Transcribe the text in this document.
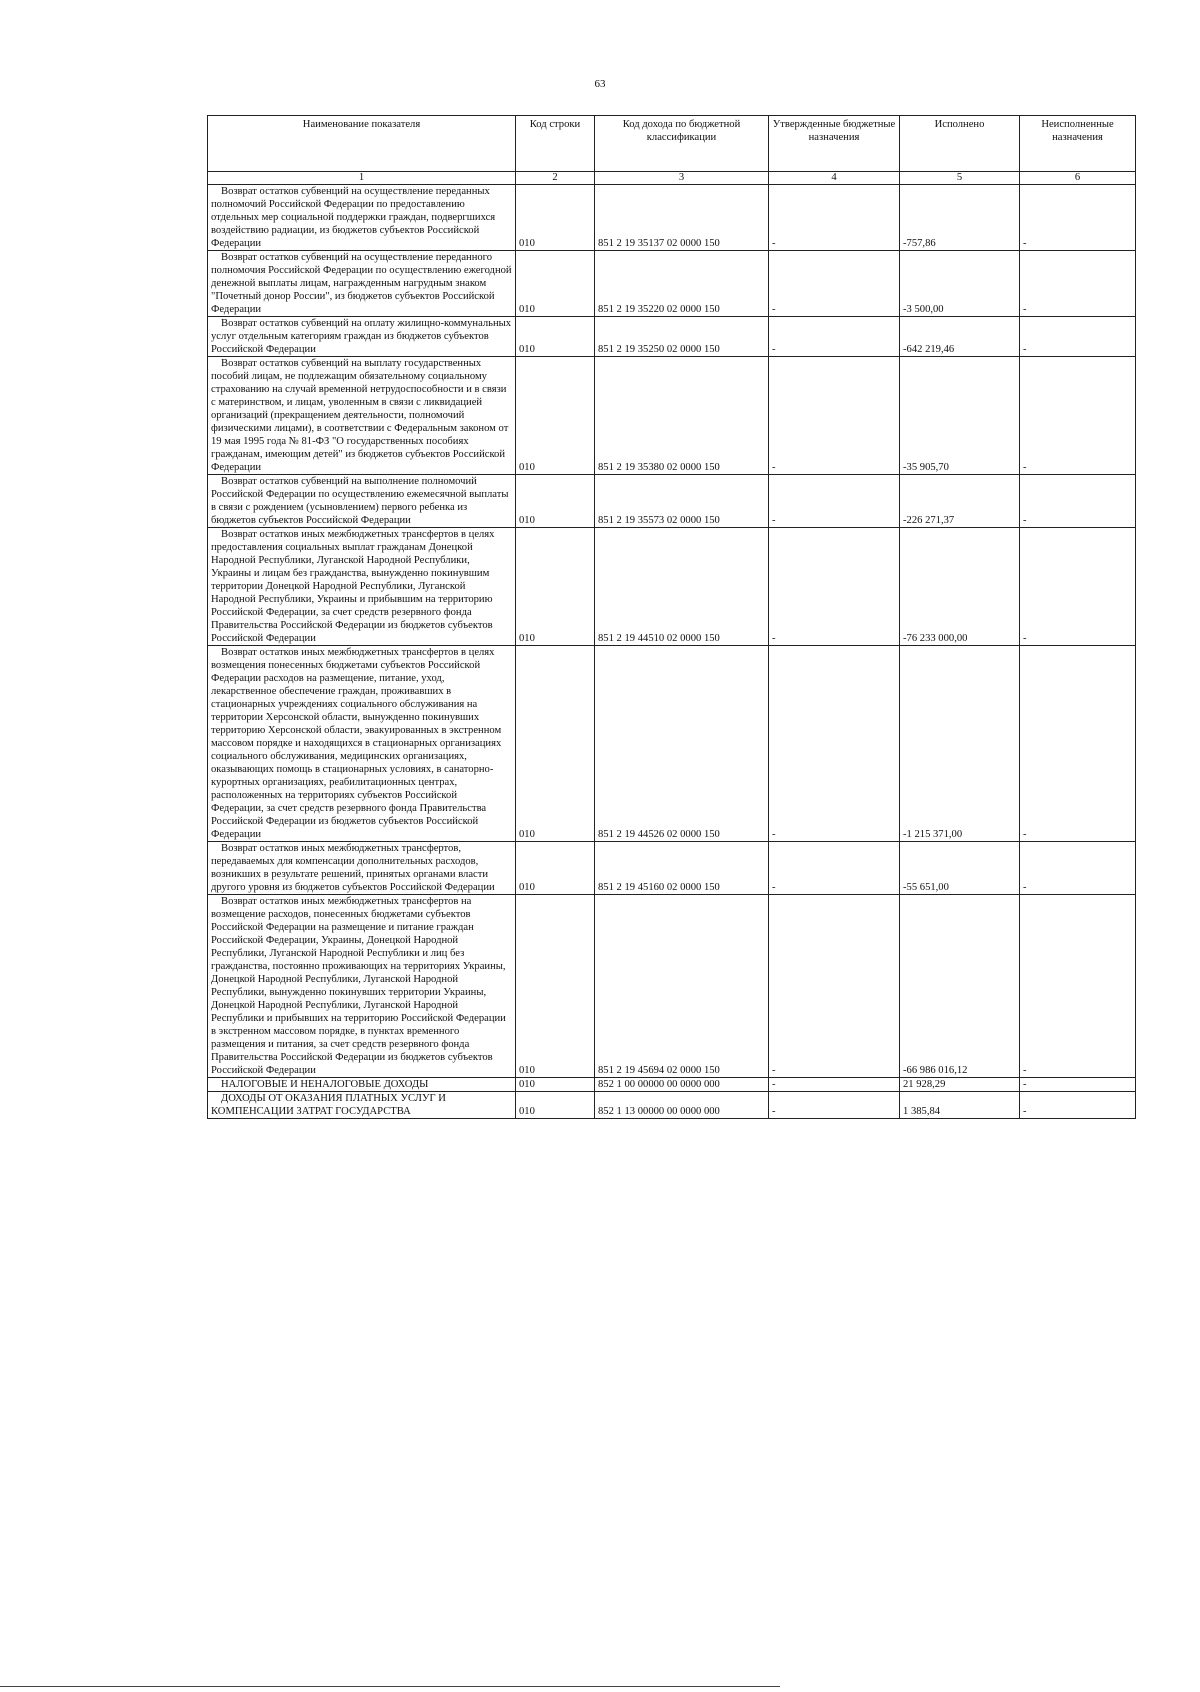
63
Наименование показателя	Код строки	Код дохода по бюджетной классификации	Утвержденные бюджетные назначения	Исполнено	Неисполненные назначения
1	2	3	4	5	6
Возврат остатков субвенций на осуществление переданных полномочий Российской Федерации по предоставлению отдельных мер социальной поддержки граждан, подвергшихся воздействию радиации, из бюджетов субъектов Российской Федерации	010	851 2 19 35137 02 0000 150	-	-757,86	-
Возврат остатков субвенций на осуществление переданного полномочия Российской Федерации по осуществлению ежегодной денежной выплаты лицам, награжденным нагрудным знаком "Почетный донор России", из бюджетов субъектов Российской Федерации	010	851 2 19 35220 02 0000 150	-	-3 500,00	-
Возврат остатков субвенций на оплату жилищно-коммунальных услуг отдельным категориям граждан из бюджетов субъектов Российской Федерации	010	851 2 19 35250 02 0000 150	-	-642 219,46	-
Возврат остатков субвенций на выплату государственных пособий лицам, не подлежащим обязательному социальному страхованию на случай временной нетрудоспособности и в связи с материнством, и лицам, уволенным в связи с ликвидацией организаций (прекращением деятельности, полномочий физическими лицами), в соответствии с Федеральным законом от 19 мая 1995 года № 81-ФЗ "О государственных пособиях гражданам, имеющим детей" из бюджетов субъектов Российской Федерации	010	851 2 19 35380 02 0000 150	-	-35 905,70	-
Возврат остатков субвенций на выполнение полномочий Российской Федерации по осуществлению ежемесячной выплаты в связи с рождением (усыновлением) первого ребенка из бюджетов субъектов Российской Федерации	010	851 2 19 35573 02 0000 150	-	-226 271,37	-
Возврат остатков иных межбюджетных трансфертов в целях предоставления социальных выплат гражданам Донецкой Народной Республики, Луганской Народной Республики, Украины и лицам без гражданства, вынужденно покинувшим территории Донецкой Народной Республики, Луганской Народной Республики, Украины и прибывшим на территорию Российской Федерации, за счет средств резервного фонда Правительства Российской Федерации из бюджетов субъектов Российской Федерации	010	851 2 19 44510 02 0000 150	-	-76 233 000,00	-
Возврат остатков иных межбюджетных трансфертов в целях возмещения понесенных бюджетами субъектов Российской Федерации расходов на размещение, питание, уход, лекарственное обеспечение граждан, проживавших в стационарных учреждениях социального обслуживания на территории Херсонской области, вынужденно покинувших территорию Херсонской области, эвакуированных в экстренном массовом порядке и находящихся в стационарных организациях социального обслуживания, медицинских организациях, оказывающих помощь в стационарных условиях, в санаторно-курортных организациях, реабилитационных центрах, расположенных на территориях субъектов Российской Федерации, за счет средств резервного фонда Правительства Российской Федерации из бюджетов субъектов Российской Федерации	010	851 2 19 44526 02 0000 150	-	-1 215 371,00	-
Возврат остатков иных межбюджетных трансфертов, передаваемых для компенсации дополнительных расходов, возникших в результате решений, принятых органами власти другого уровня из бюджетов субъектов Российской Федерации	010	851 2 19 45160 02 0000 150	-	-55 651,00	-
Возврат остатков иных межбюджетных трансфертов на возмещение расходов, понесенных бюджетами субъектов Российской Федерации на размещение и питание граждан Российской Федерации, Украины, Донецкой Народной Республики, Луганской Народной Республики и лиц без гражданства, постоянно проживающих на территориях Украины, Донецкой Народной Республики, Луганской Народной Республики, вынужденно покинувших территории Украины, Донецкой Народной Республики, Луганской Народной Республики и прибывших на территорию Российской Федерации в экстренном массовом порядке, в пунктах временного размещения и питания, за счет средств резервного фонда Правительства Российской Федерации из бюджетов субъектов Российской Федерации	010	851 2 19 45694 02 0000 150	-	-66 986 016,12	-
НАЛОГОВЫЕ И НЕНАЛОГОВЫЕ ДОХОДЫ	010	852 1 00 00000 00 0000 000	-	21 928,29	-
ДОХОДЫ ОТ ОКАЗАНИЯ ПЛАТНЫХ УСЛУГ И КОМПЕНСАЦИИ ЗАТРАТ ГОСУДАРСТВА	010	852 1 13 00000 00 0000 000	-	1 385,84	-
